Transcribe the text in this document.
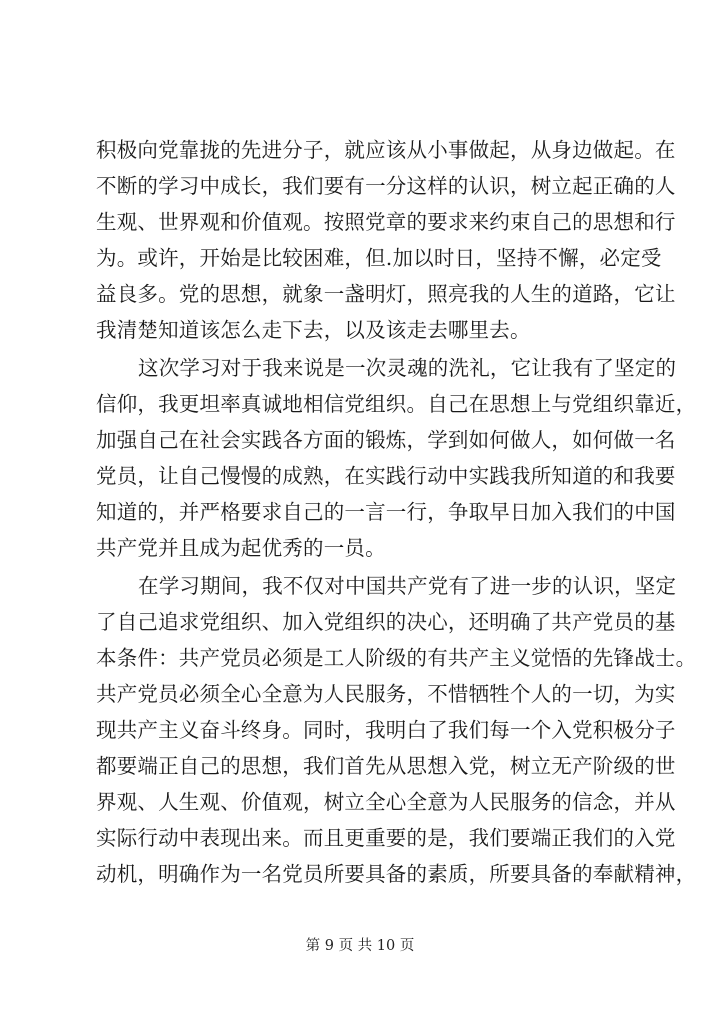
积极向党靠拢的先进分子，就应该从小事做起，从身边做起。在
不断的学习中成长，我们要有一分这样的认识，树立起正确的人
生观、世界观和价值观。按照党章的要求来约束自己的思想和行
为。或许，开始是比较困难，但.加以时日，坚持不懈，必定受
益良多。党的思想，就象一盏明灯，照亮我的人生的道路，它让
我清楚知道该怎么走下去，以及该走去哪里去。
这次学习对于我来说是一次灵魂的洗礼，它让我有了坚定的
信仰，我更坦率真诚地相信党组织。自己在思想上与党组织靠近，
加强自己在社会实践各方面的锻炼，学到如何做人，如何做一名
党员，让自己慢慢的成熟，在实践行动中实践我所知道的和我要
知道的，并严格要求自己的一言一行，争取早日加入我们的中国
共产党并且成为起优秀的一员。
在学习期间，我不仅对中国共产党有了进一步的认识，坚定
了自己追求党组织、加入党组织的决心，还明确了共产党员的基
本条件：共产党员必须是工人阶级的有共产主义觉悟的先锋战士。
共产党员必须全心全意为人民服务，不惜牺牲个人的一切，为实
现共产主义奋斗终身。同时，我明白了我们每一个入党积极分子
都要端正自己的思想，我们首先从思想入党，树立无产阶级的世
界观、人生观、价值观，树立全心全意为人民服务的信念，并从
实际行动中表现出来。而且更重要的是，我们要端正我们的入党
动机，明确作为一名党员所要具备的素质，所要具备的奉献精神，
第 9 页 共 10 页
